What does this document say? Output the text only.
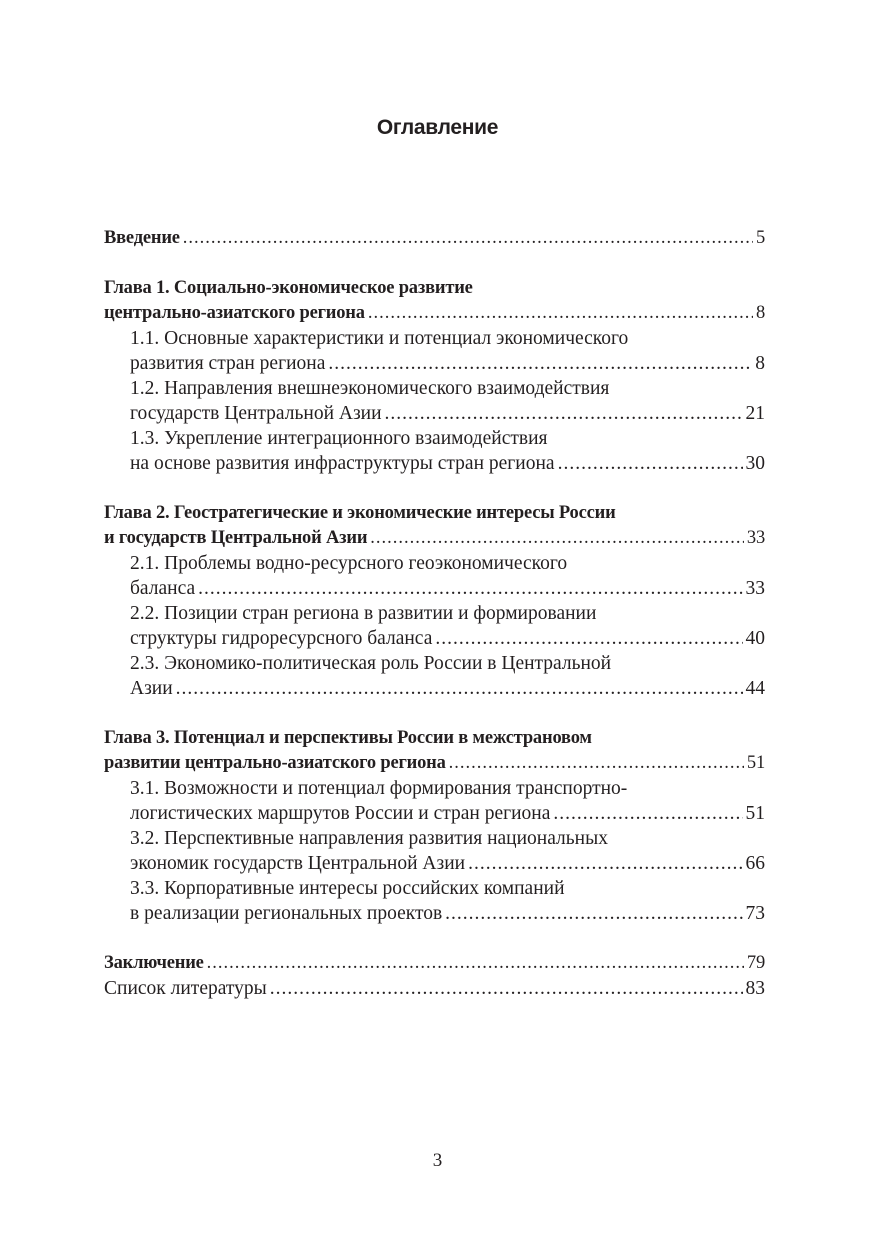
Оглавление
Введение .....	5
Глава 1. Социально-экономическое развитие
центрально-азиатского региона .....	8
1.1. Основные характеристики и потенциал экономического
развития стран региона .....	8
1.2. Направления внешнеэкономического взаимодействия
государств Центральной Азии .....	21
1.3. Укрепление интеграционного взаимодействия
на основе развития инфраструктуры стран региона .....	30
Глава 2. Геостратегические и экономические интересы России
и государств Центральной Азии .....	33
2.1. Проблемы водно-ресурсного геоэкономического
баланса .....	33
2.2. Позиции стран региона в развитии и формировании
структуры гидроресурсного баланса .....	40
2.3. Экономико-политическая роль России в Центральной
Азии .....	44
Глава 3. Потенциал и перспективы России в межстрановом
развитии центрально-азиатского региона .....	51
3.1. Возможности и потенциал формирования транспортно-
логистических маршрутов России и стран региона .....	51
3.2. Перспективные направления развития национальных
экономик государств Центральной Азии .....	66
3.3. Корпоративные интересы российских компаний
в реализации региональных проектов .....	73
Заключение .....	79
Список литературы .....	83
3
